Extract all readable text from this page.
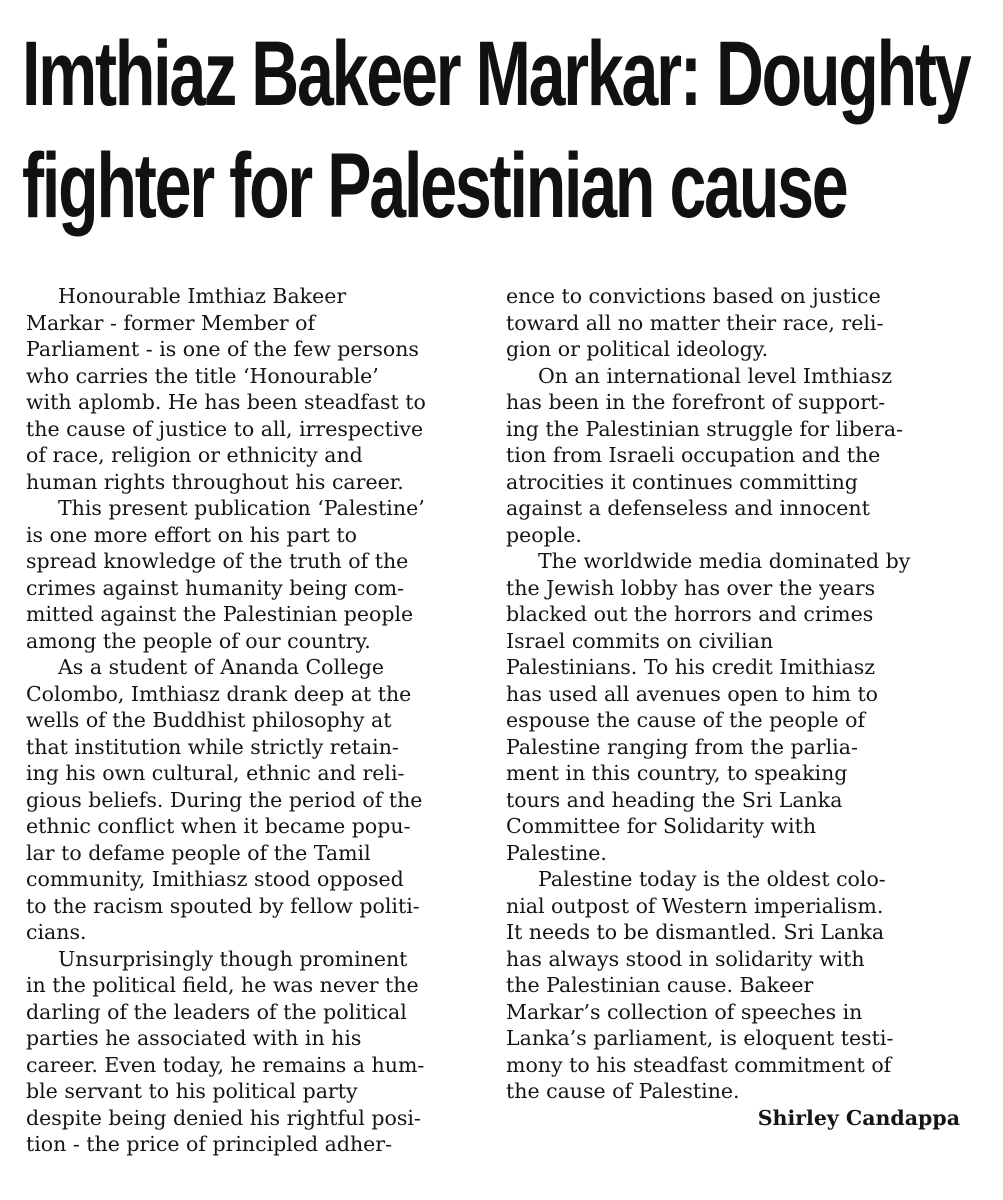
Imthiaz Bakeer Markar: Doughty
fighter for Palestinian cause
Honourable Imthiaz Bakeer
Markar - former Member of
Parliament - is one of the few persons
who carries the title ‘Honourable’
with aplomb. He has been steadfast to
the cause of justice to all, irrespective
of race, religion or ethnicity and
human rights throughout his career.
This present publication ‘Palestine’
is one more effort on his part to
spread knowledge of the truth of the
crimes against humanity being com-
mitted against the Palestinian people
among the people of our country.
As a student of Ananda College
Colombo, Imthiasz drank deep at the
wells of the Buddhist philosophy at
that institution while strictly retain-
ing his own cultural, ethnic and reli-
gious beliefs. During the period of the
ethnic conflict when it became popu-
lar to defame people of the Tamil
community, Imithiasz stood opposed
to the racism spouted by fellow politi-
cians.
Unsurprisingly though prominent
in the political field, he was never the
darling of the leaders of the political
parties he associated with in his
career. Even today, he remains a hum-
ble servant to his political party
despite being denied his rightful posi-
tion - the price of principled adher-
ence to convictions based on justice
toward all no matter their race, reli-
gion or political ideology.
On an international level Imthiasz
has been in the forefront of support-
ing the Palestinian struggle for libera-
tion from Israeli occupation and the
atrocities it continues committing
against a defenseless and innocent
people.
The worldwide media dominated by
the Jewish lobby has over the years
blacked out the horrors and crimes
Israel commits on civilian
Palestinians. To his credit Imithiasz
has used all avenues open to him to
espouse the cause of the people of
Palestine ranging from the parlia-
ment in this country, to speaking
tours and heading the Sri Lanka
Committee for Solidarity with
Palestine.
Palestine today is the oldest colo-
nial outpost of Western imperialism.
It needs to be dismantled. Sri Lanka
has always stood in solidarity with
the Palestinian cause. Bakeer
Markar’s collection of speeches in
Lanka’s parliament, is eloquent testi-
mony to his steadfast commitment of
the cause of Palestine.
Shirley Candappa
